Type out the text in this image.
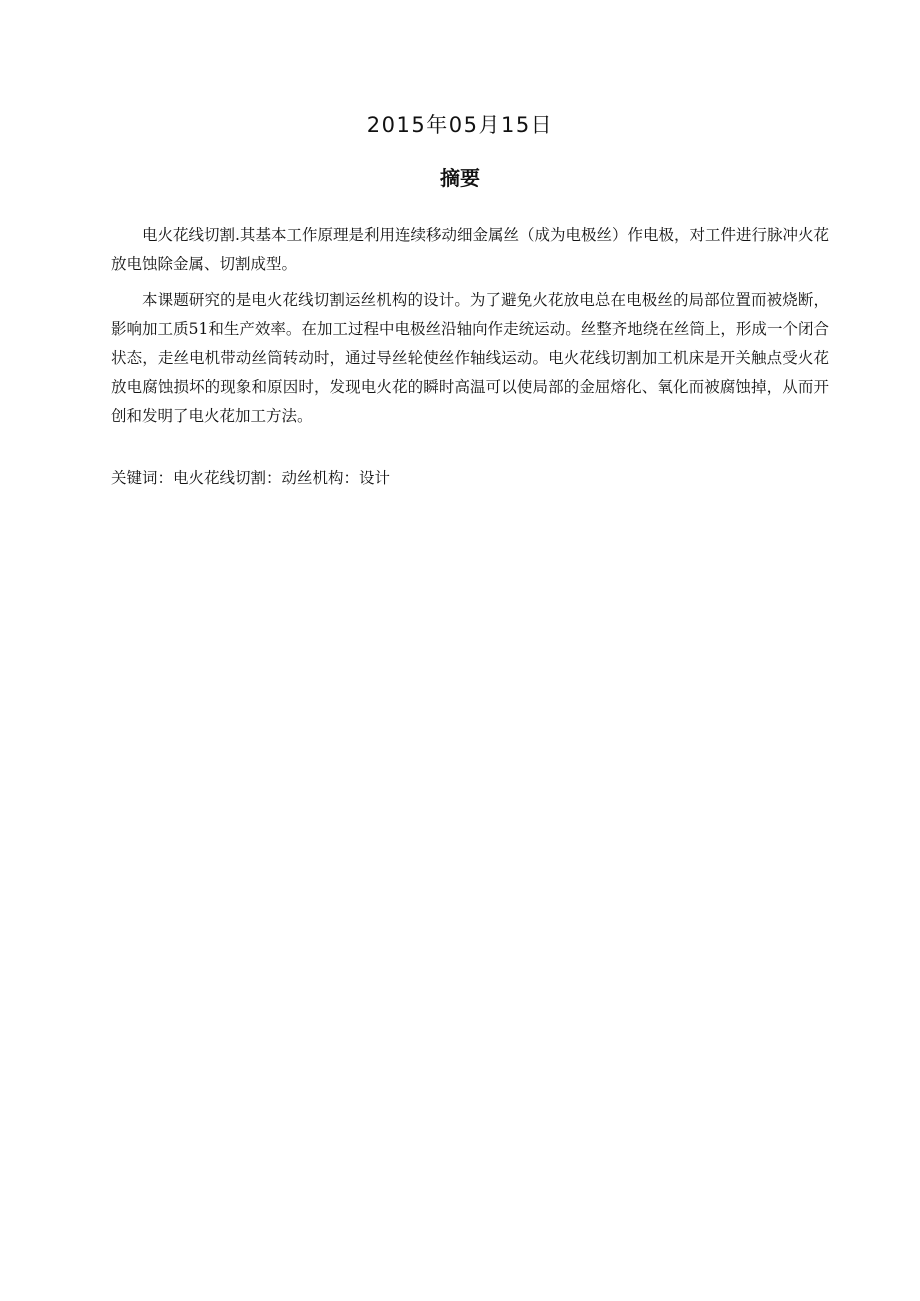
2015年05月15日
摘要

电火花线切割.其基本工作原理是利用连续移动细金属丝（成为电极丝）作电极，对工件进行脉冲火花放电蚀除金属、切割成型。

本课题研究的是电火花线切割运丝机构的设计。为了避免火花放电总在电极丝的局部位置而被烧断，影响加工质51和生产效率。在加工过程中电极丝沿轴向作走统运动。丝整齐地绕在丝筒上，形成一个闭合状态，走丝电机带动丝筒转动时，通过导丝轮使丝作轴线运动。电火花线切割加工机床是开关触点受火花放电腐蚀损坏的现象和原因时，发现电火花的瞬时高温可以使局部的金屈熔化、氧化而被腐蚀掉，从而开创和发明了电火花加工方法。

关键词：电火花线切割：动丝机构：设计
